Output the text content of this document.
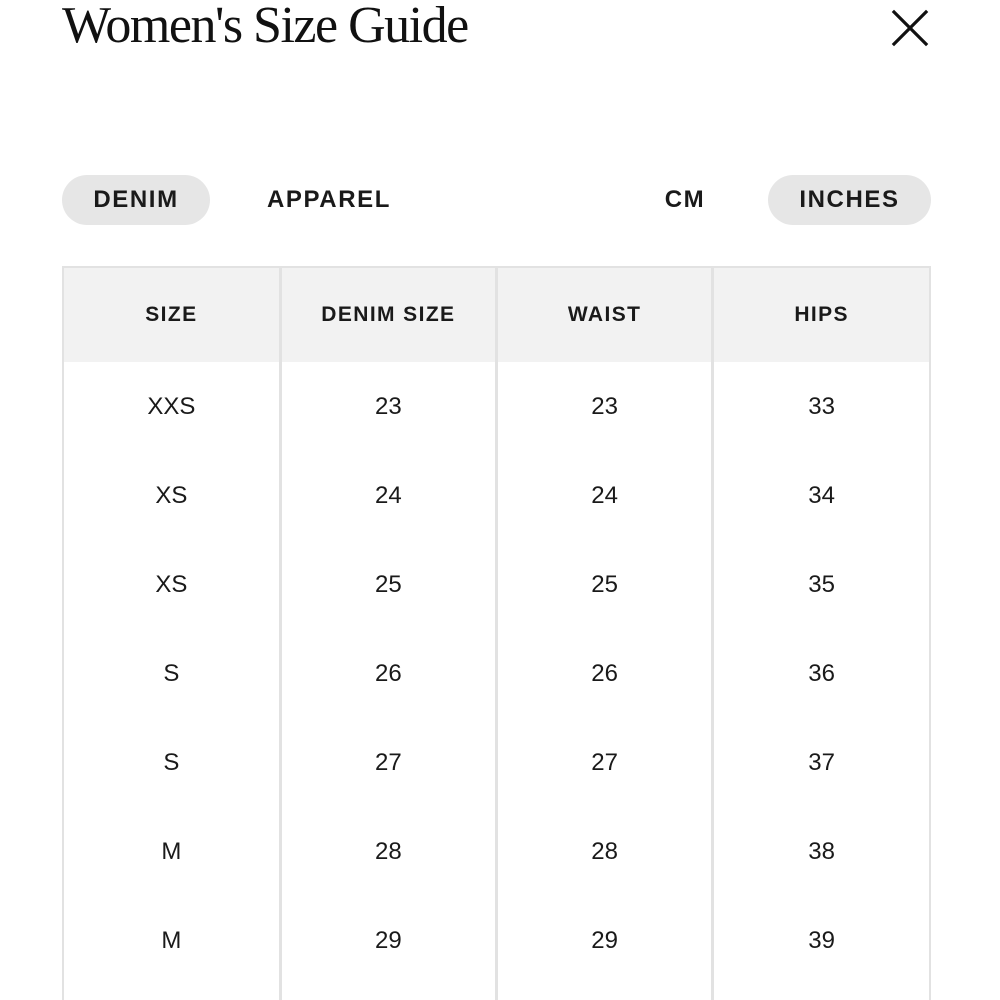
Women's Size Guide
DENIM	APPAREL	CM	INCHES
SIZE	DENIM SIZE	WAIST	HIPS
XXS	23	23	33
XS	24	24	34
XS	25	25	35
S	26	26	36
S	27	27	37
M	28	28	38
M	29	29	39
